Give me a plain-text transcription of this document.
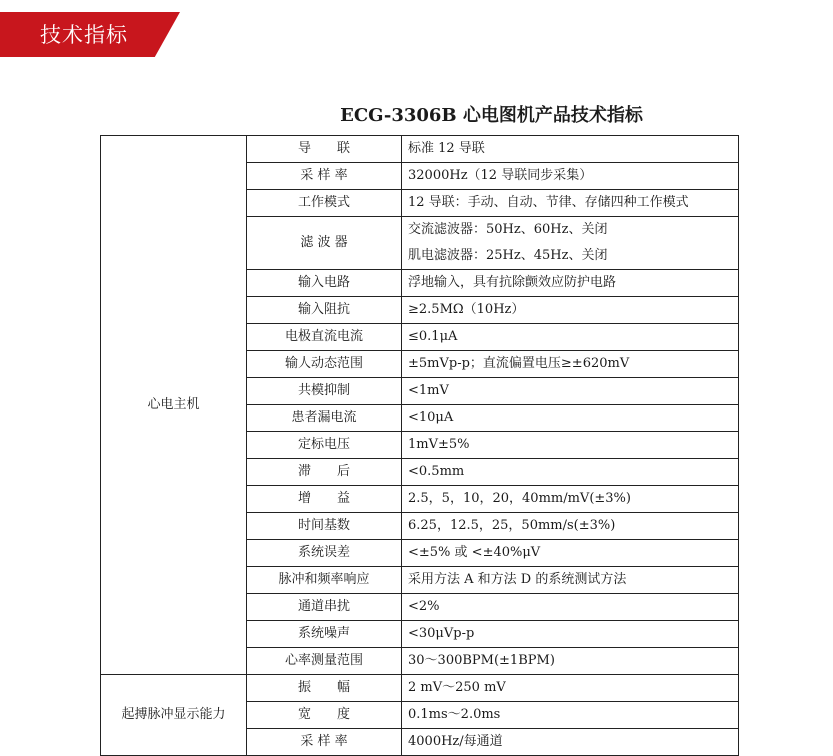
技术指标
ECG-3306B 心电图机产品技术指标
心电主机	导　　联	标准 12 导联

	采 样 率	32000Hz（12 导联同步采集）

	工作模式	12 导联：手动、自动、节律、存储四种工作模式

	滤 波 器	交流滤波器：50Hz、60Hz、关闭
肌电滤波器：25Hz、45Hz、关闭

	输入电路	浮地输入，具有抗除颤效应防护电路

	输入阻抗	≥2.5MΩ（10Hz）

	电极直流电流	≤0.1μA

	输人动态范围	±5mVp-p；直流偏置电压≥±620mV

	共模抑制	<1mV

	患者漏电流	<10μA

	定标电压	1mV±5%

	滞　　后	<0.5mm

	增　　益	2.5，5，10，20，40mm/mV(±3%)

	时间基数	6.25，12.5，25，50mm/s(±3%)

	系统误差	<±5% 或 <±40%μV

	脉冲和频率响应	采用方法 A 和方法 D 的系统测试方法

	通道串扰	<2%

	系统噪声	<30μVp-p

	心率测量范围	30～300BPM(±1BPM)

起搏脉冲显示能力	振　　幅	2 mV～250 mV

	宽　　度	0.1ms～2.0ms

	采 样 率	4000Hz/每通道
